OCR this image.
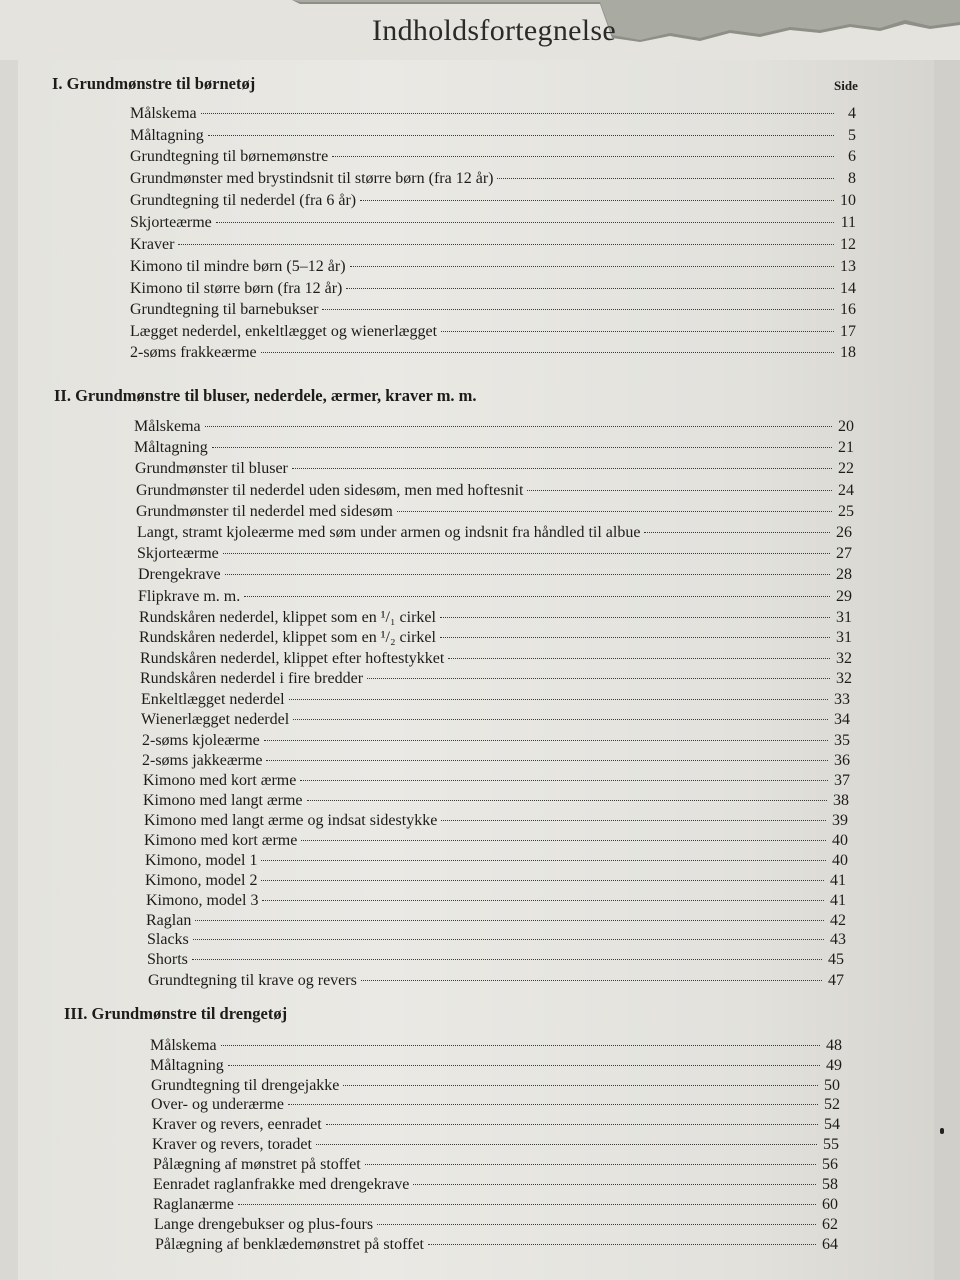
Indholdsfortegnelse
Side
I. Grundmønstre til børnetøj
Målskema	4
Måltagning	5
Grundtegning til børnemønstre	6
Grundmønster med brystindsnit til større børn (fra 12 år)	8
Grundtegning til nederdel (fra 6 år)	10
Skjorteærme	11
Kraver	12
Kimono til mindre børn (5–12 år)	13
Kimono til større børn (fra 12 år)	14
Grundtegning til barnebukser	16
Lægget nederdel, enkeltlægget og wienerlægget	17
2-søms frakkeærme	18
II. Grundmønstre til bluser, nederdele, ærmer, kraver m. m.
Målskema	20
Måltagning	21
Grundmønster til bluser	22
Grundmønster til nederdel uden sidesøm, men med hoftesnit	24
Grundmønster til nederdel med sidesøm	25
Langt, stramt kjoleærme med søm under armen og indsnit fra håndled til albue	26
Skjorteærme	27
Drengekrave	28
Flipkrave m. m.	29
Rundskåren nederdel, klippet som en ¹/₁ cirkel	31
Rundskåren nederdel, klippet som en ¹/₂ cirkel	31
Rundskåren nederdel, klippet efter hoftestykket	32
Rundskåren nederdel i fire bredder	32
Enkeltlægget nederdel	33
Wienerlægget nederdel	34
2-søms kjoleærme	35
2-søms jakkeærme	36
Kimono med kort ærme	37
Kimono med langt ærme	38
Kimono med langt ærme og indsat sidestykke	39
Kimono med kort ærme	40
Kimono, model 1	40
Kimono, model 2	41
Kimono, model 3	41
Raglan	42
Slacks	43
Shorts	45
Grundtegning til krave og revers	47
III. Grundmønstre til drengetøj
Målskema	48
Måltagning	49
Grundtegning til drengejakke	50
Over- og underærme	52
Kraver og revers, eenradet	54
Kraver og revers, toradet	55
Pålægning af mønstret på stoffet	56
Eenradet raglanfrakke med drengekrave	58
Raglanærme	60
Lange drengebukser og plus-fours	62
Pålægning af benklædemønstret på stoffet	64
